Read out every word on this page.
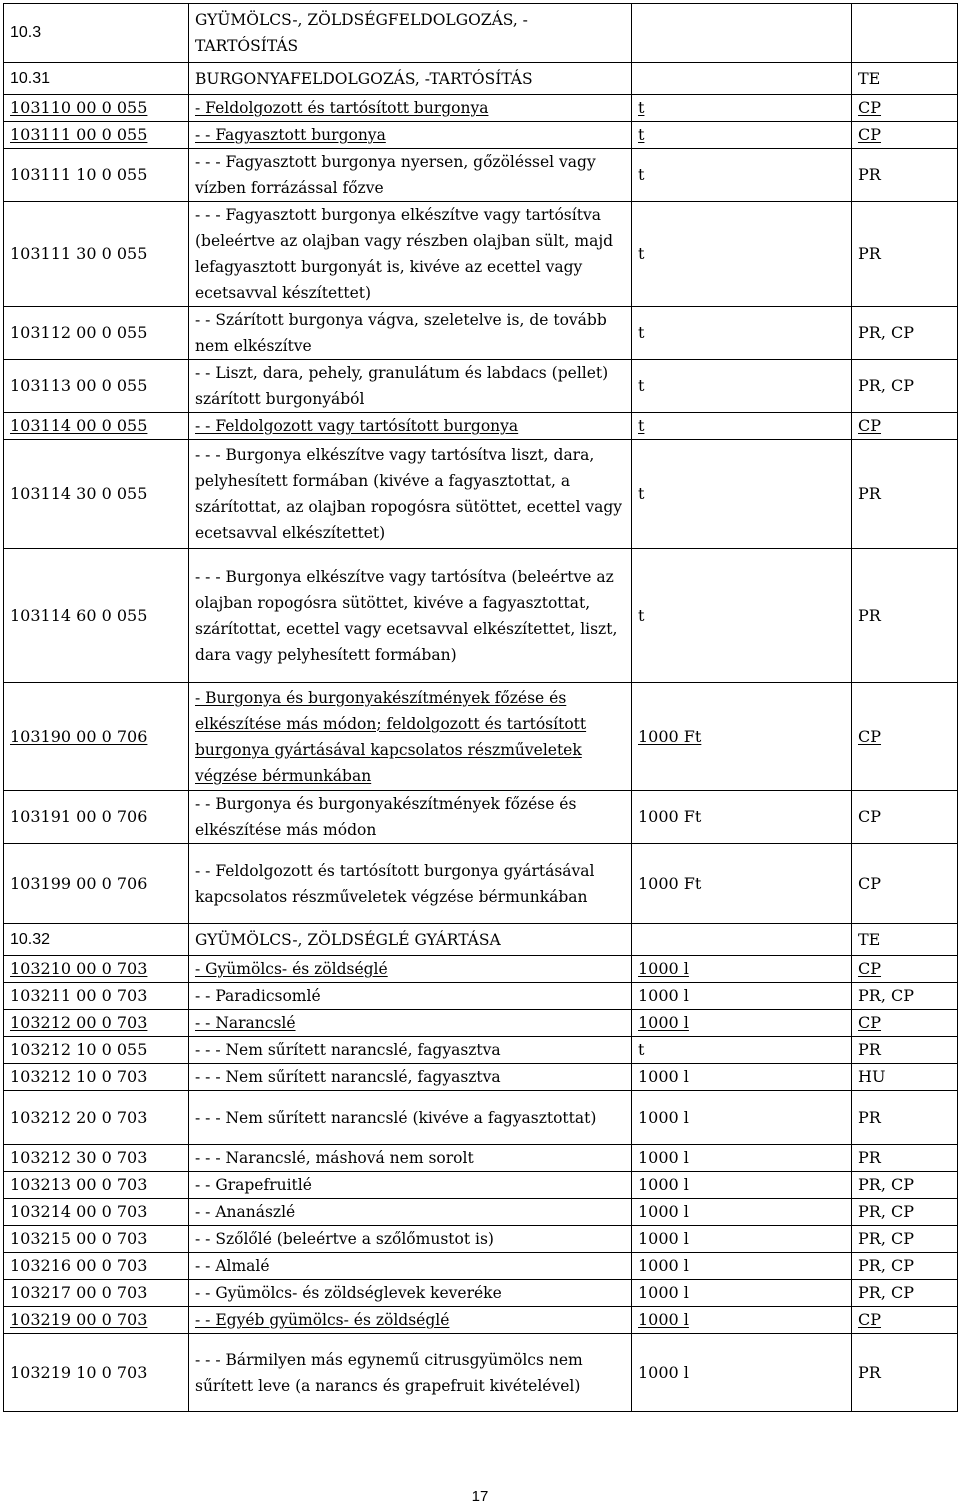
10.3	GYÜMÖLCS-, ZÖLDSÉGFELDOLGOZÁS, -TARTÓSÍTÁS		
10.31	BURGONYAFELDOLGOZÁS, -TARTÓSÍTÁS		TE
103110 00 0 055	- Feldolgozott és tartósított burgonya	t	CP
103111 00 0 055	- - Fagyasztott burgonya	t	CP
103111 10 0 055	- - - Fagyasztott burgonya nyersen, gőzöléssel vagy vízben forrázással főzve	t	PR
103111 30 0 055	- - - Fagyasztott burgonya elkészítve vagy tartósítva (beleértve az olajban vagy részben olajban sült, majd lefagyasztott burgonyát is, kivéve az ecettel vagy ecetsavval készítettet)	t	PR
103112 00 0 055	- - Szárított burgonya vágva, szeletelve is, de tovább nem elkészítve	t	PR, CP
103113 00 0 055	- - Liszt, dara, pehely, granulátum és labdacs (pellet) szárított burgonyából	t	PR, CP
103114 00 0 055	- - Feldolgozott vagy tartósított burgonya	t	CP
103114 30 0 055	- - - Burgonya elkészítve vagy tartósítva liszt, dara, pelyhesített formában (kivéve a fagyasztottat, a szárítottat, az olajban ropogósra sütöttet, ecettel vagy ecetsavval elkészítettet)	t	PR
103114 60 0 055	- - - Burgonya elkészítve vagy tartósítva (beleértve az olajban ropogósra sütöttet, kivéve a fagyasztottat, szárítottat, ecettel vagy ecetsavval elkészítettet, liszt, dara vagy pelyhesített formában)	t	PR
103190 00 0 706	- Burgonya és burgonyakészítmények főzése és elkészítése más módon; feldolgozott és tartósított burgonya gyártásával kapcsolatos részműveletek végzése bérmunkában	1000 Ft	CP
103191 00 0 706	- - Burgonya és burgonyakészítmények főzése és elkészítése más módon	1000 Ft	CP
103199 00 0 706	- - Feldolgozott és tartósított burgonya gyártásával kapcsolatos részműveletek végzése bérmunkában	1000 Ft	CP
10.32	GYÜMÖLCS-, ZÖLDSÉGLÉ GYÁRTÁSA		TE
103210 00 0 703	- Gyümölcs- és zöldséglé	1000 l	CP
103211 00 0 703	- - Paradicsomlé	1000 l	PR, CP
103212 00 0 703	- - Narancslé	1000 l	CP
103212 10 0 055	- - - Nem sűrített narancslé, fagyasztva	t	PR
103212 10 0 703	- - - Nem sűrített narancslé, fagyasztva	1000 l	HU
103212 20 0 703	- - - Nem sűrített narancslé (kivéve a fagyasztottat)	1000 l	PR
103212 30 0 703	- - - Narancslé, máshová nem sorolt	1000 l	PR
103213 00 0 703	- - Grapefruitlé	1000 l	PR, CP
103214 00 0 703	- - Ananászlé	1000 l	PR, CP
103215 00 0 703	- - Szőlőlé (beleértve a szőlőmustot is)	1000 l	PR, CP
103216 00 0 703	- - Almalé	1000 l	PR, CP
103217 00 0 703	- - Gyümölcs- és zöldséglevek keveréke	1000 l	PR, CP
103219 00 0 703	- - Egyéb gyümölcs- és zöldséglé	1000 l	CP
103219 10 0 703	- - - Bármilyen más egynemű citrusgyümölcs nem sűrített leve (a narancs és grapefruit kivételével)	1000 l	PR
17
